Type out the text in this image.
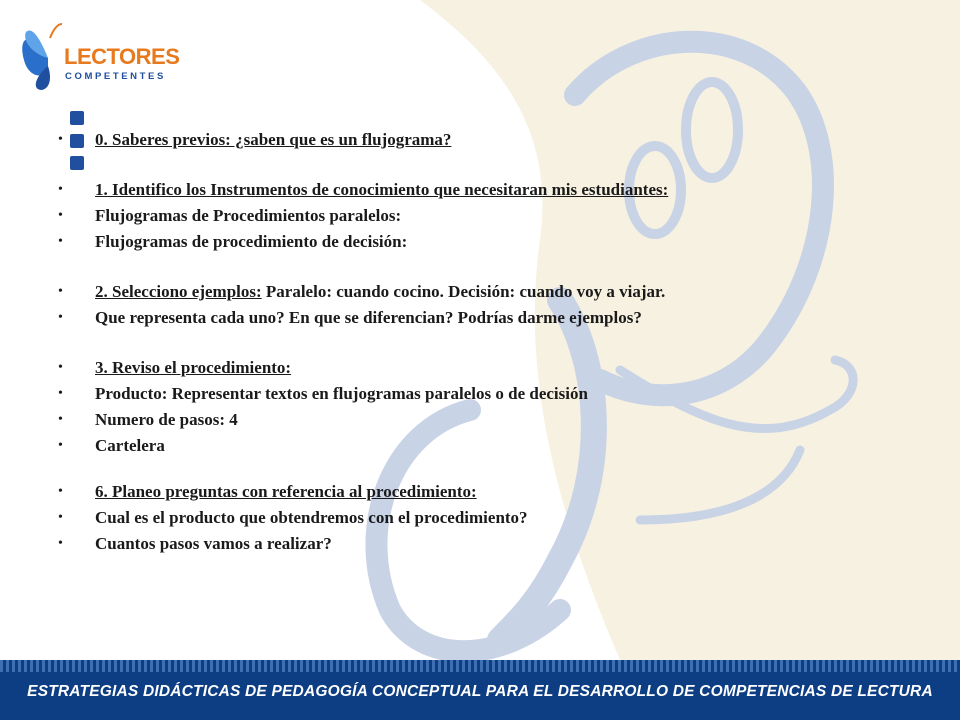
LECTORES
COMPETENTES
•	0. Saberes previos: ¿saben que es un flujograma?
•	1. Identifico los Instrumentos de conocimiento que necesitaran mis estudiantes:
•	Flujogramas de Procedimientos paralelos:
•	Flujogramas de procedimiento de decisión:
•	2. Selecciono ejemplos: Paralelo: cuando cocino. Decisión: cuando voy a viajar.
•	Que representa cada uno? En que se diferencian? Podrías darme ejemplos?
•	3. Reviso el procedimiento:
•	Producto: Representar textos en flujogramas paralelos o de decisión
•	Numero de pasos: 4
•	Cartelera
•	6. Planeo preguntas con referencia al procedimiento:
•	Cual es el producto que obtendremos con el procedimiento?
•	Cuantos pasos vamos a realizar?
ESTRATEGIAS DIDÁCTICAS DE PEDAGOGÍA CONCEPTUAL PARA EL DESARROLLO DE COMPETENCIAS DE LECTURA
